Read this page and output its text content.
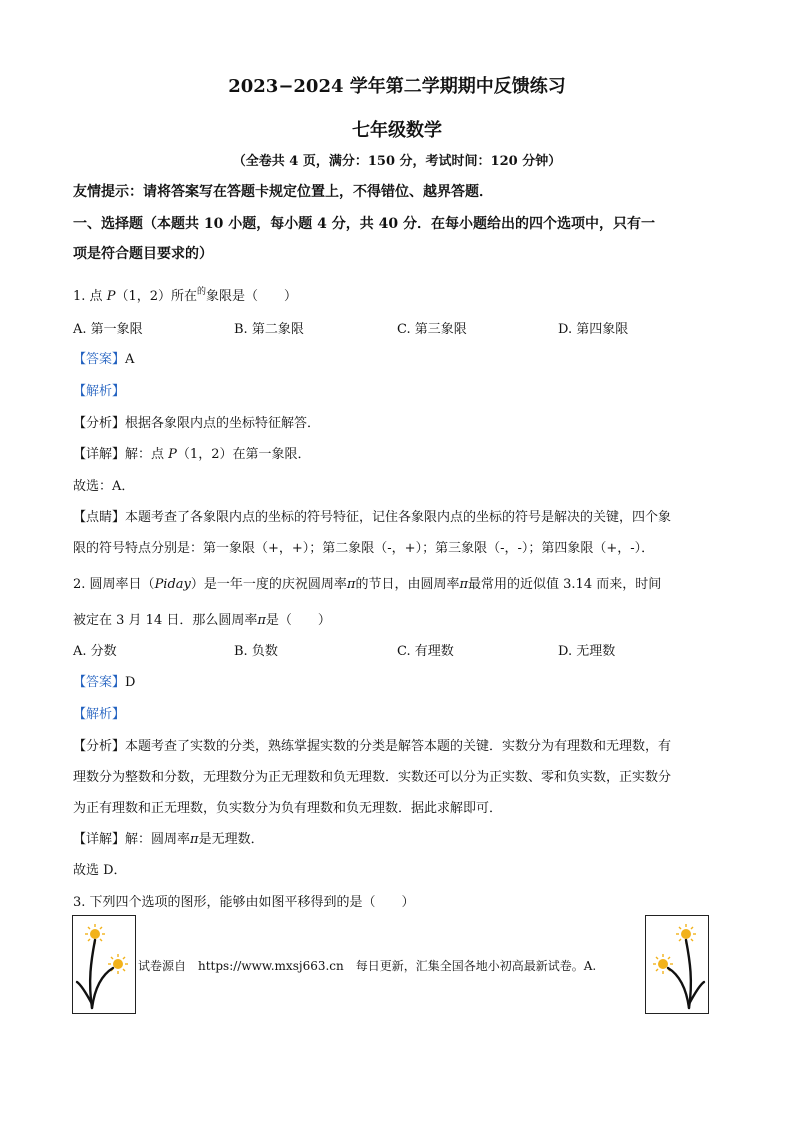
2023−2024 学年第二学期期中反馈练习
七年级数学
（全卷共 4 页，满分：150 分，考试时间：120 分钟）
友情提示：请将答案写在答题卡规定位置上，不得错位、越界答题．
一、选择题（本题共 10 小题，每小题 4 分，共 40 分．在每小题给出的四个选项中，只有一
项是符合题目要求的）
1. 点 P（1，2）所在$^的$象限是（　　）
A. 第一象限	B. 第二象限	C. 第三象限	D. 第四象限
【答案】A
【解析】
【分析】根据各象限内点的坐标特征解答．
【详解】解：点 P（1，2）在第一象限．
故选：A．
【点睛】本题考查了各象限内点的坐标的符号特征，记住各象限内点的坐标的符号是解决的关键，四个象
限的符号特点分别是：第一象限（+，+）；第二象限（-，+）；第三象限（-，-）；第四象限（+，-）．
2. 圆周率日（Piday）是一年一度的庆祝圆周率π的节日，由圆周率π最常用的近似值 3.14 而来，时间
被定在 3 月 14 日．那么圆周率π是（　　）
A. 分数	B. 负数	C. 有理数	D. 无理数
【答案】D
【解析】
【分析】本题考查了实数的分类，熟练掌握实数的分类是解答本题的关键．实数分为有理数和无理数，有
理数分为整数和分数，无理数分为正无理数和负无理数．实数还可以分为正实数、零和负实数，正实数分
为正有理数和正无理数，负实数分为负有理数和负无理数．据此求解即可．
【详解】解：圆周率π是无理数．
故选 D．
3. 下列四个选项的图形，能够由如图平移得到的是（　　）
试卷源自　https://www.mxsj663.cn　每日更新，汇集全国各地小初高最新试卷。A.
